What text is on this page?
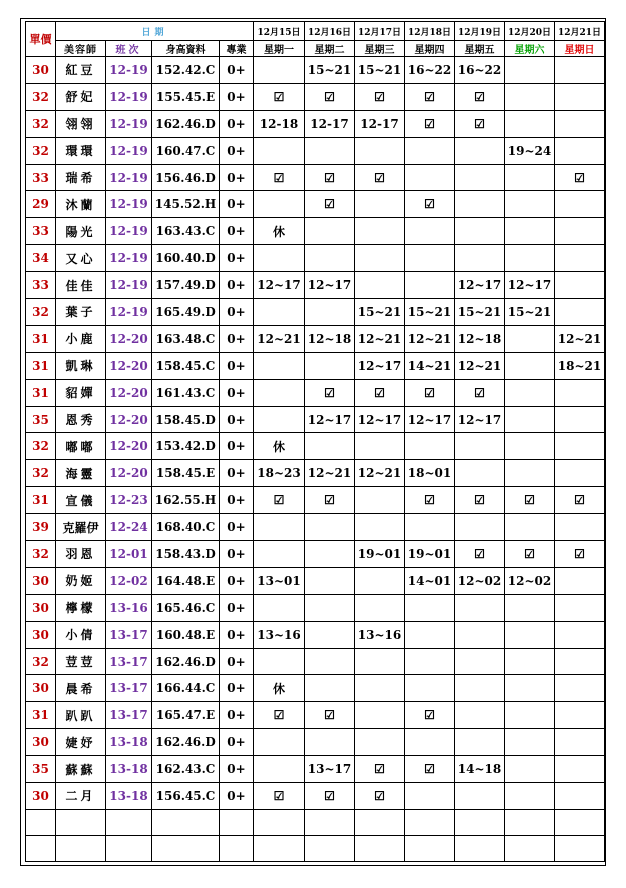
單價	日期				12月15日	12月16日	12月17日	12月18日	12月19日	12月20日	12月21日
	美容師	班次	身高資料	專業	星期一	星期二	星期三	星期四	星期五	星期六	星期日
30	紅豆	12-19	152.42.C	0+		15~21	15~21	16~22	16~22		
32	舒妃	12-19	155.45.E	0+	☑	☑	☑	☑	☑		
32	翎翎	12-19	162.46.D	0+	12-18	12-17	12-17	☑	☑		
32	環環	12-19	160.47.C	0+						19~24	
33	瑞希	12-19	156.46.D	0+	☑	☑	☑				☑
29	沐蘭	12-19	145.52.H	0+		☑		☑			
33	陽光	12-19	163.43.C	0+	休						
34	又心	12-19	160.40.D	0+							
33	佳佳	12-19	157.49.D	0+	12~17	12~17			12~17	12~17	
32	葉子	12-19	165.49.D	0+			15~21	15~21	15~21	15~21	
31	小鹿	12-20	163.48.C	0+	12~21	12~18	12~21	12~21	12~18		12~21
31	凱琳	12-20	158.45.C	0+			12~17	14~21	12~21		18~21
31	貂嬋	12-20	161.43.C	0+		☑	☑	☑	☑		
35	恩秀	12-20	158.45.D	0+		12~17	12~17	12~17	12~17		
32	嘟嘟	12-20	153.42.D	0+	休						
32	海靈	12-20	158.45.E	0+	18~23	12~21	12~21	18~01			
31	宣儀	12-23	162.55.H	0+	☑	☑		☑	☑	☑	☑
39	克羅伊	12-24	168.40.C	0+							
32	羽恩	12-01	158.43.D	0+			19~01	19~01	☑	☑	☑
30	奶姬	12-02	164.48.E	0+	13~01			14~01	12~02	12~02	
30	檸檬	13-16	165.46.C	0+							
30	小倩	13-17	160.48.E	0+	13~16		13~16				
32	荳荳	13-17	162.46.D	0+							
30	晨希	13-17	166.44.C	0+	休						
31	趴趴	13-17	165.47.E	0+	☑	☑		☑			
30	婕妤	13-18	162.46.D	0+							
35	蘇蘇	13-18	162.43.C	0+		13~17	☑	☑	14~18		
30	二月	13-18	156.45.C	0+	☑	☑	☑				
